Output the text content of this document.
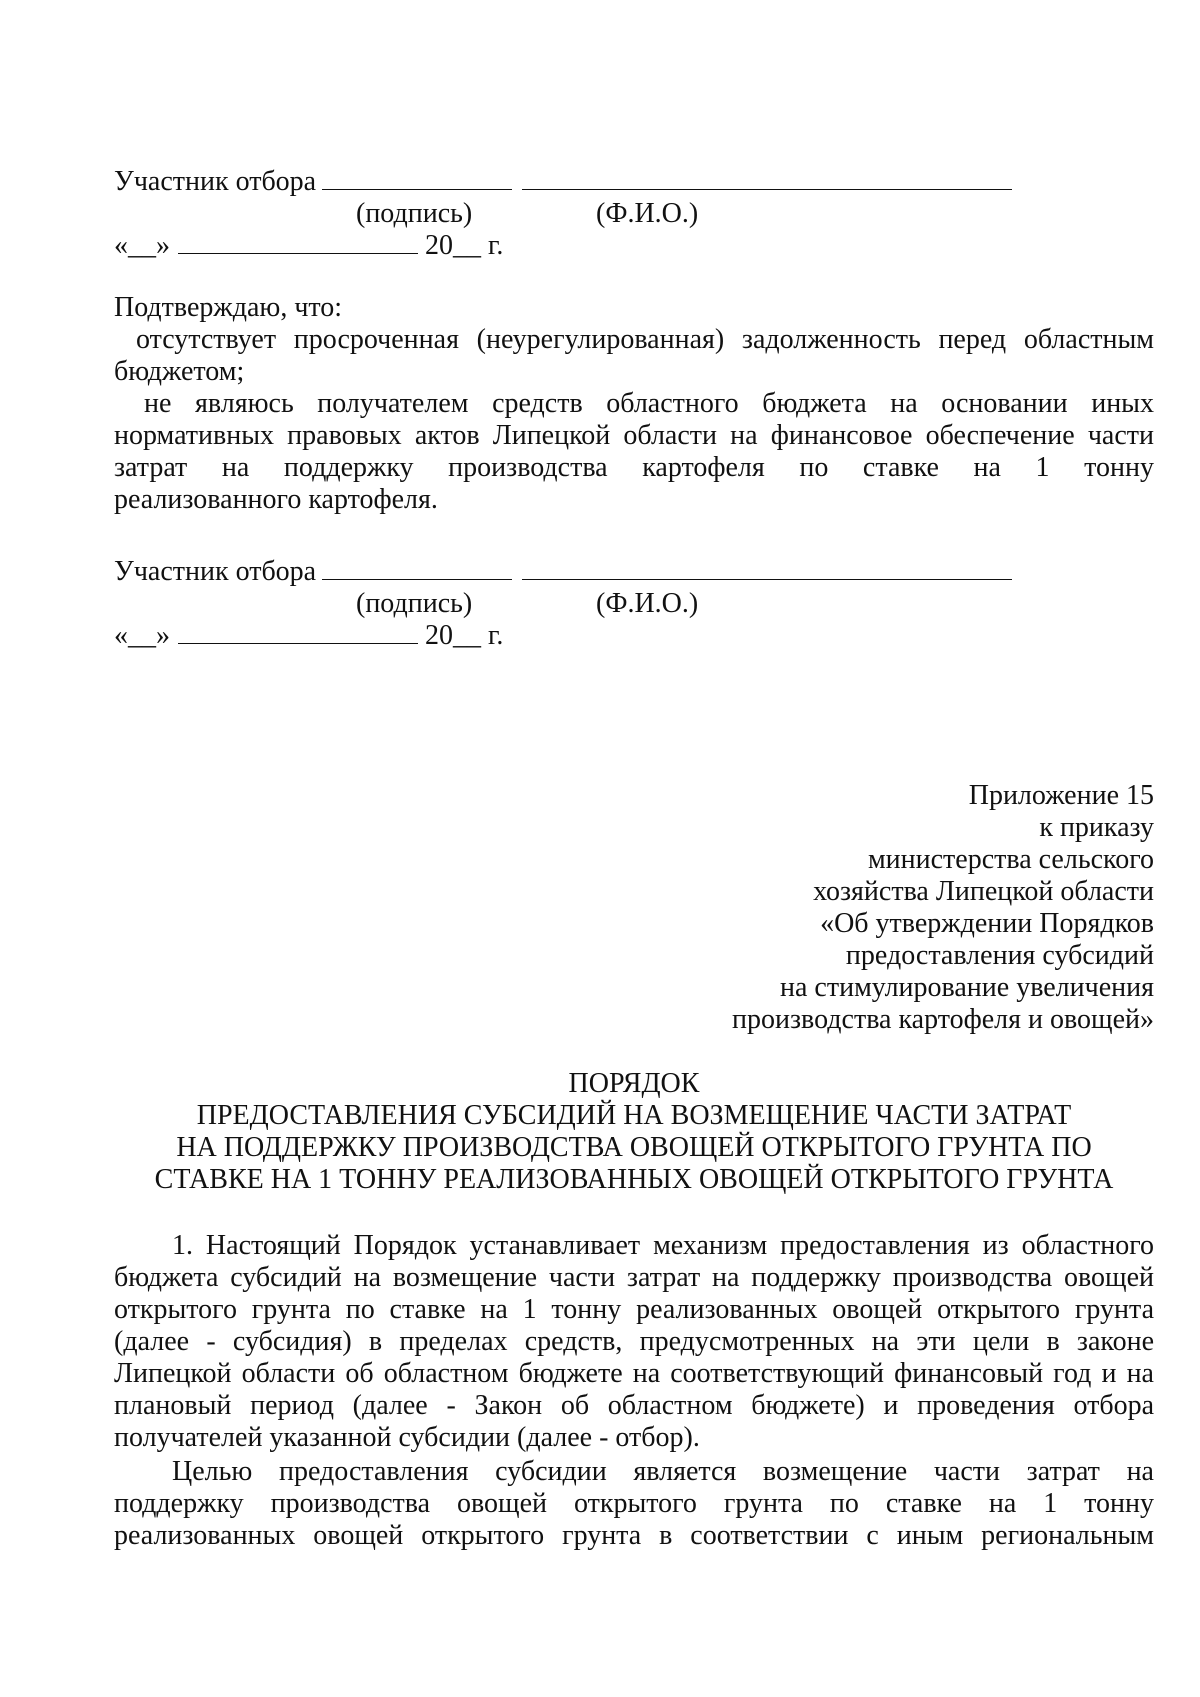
Участник отбора
(подпись)	(Ф.И.О.)
«__»	20__ г.
Подтверждаю, что:
отсутствует просроченная (неурегулированная) задолженность перед областным
бюджетом;
не являюсь получателем средств областного бюджета на основании иных
нормативных правовых актов Липецкой области на финансовое обеспечение части
затрат на поддержку производства картофеля по ставке на 1 тонну
реализованного картофеля.
Участник отбора
(подпись)	(Ф.И.О.)
«__»	20__ г.
Приложение 15
к приказу
министерства сельского
хозяйства Липецкой области
«Об утверждении Порядков
предоставления субсидий
на стимулирование увеличения
производства картофеля и овощей»
ПОРЯДОК
ПРЕДОСТАВЛЕНИЯ СУБСИДИЙ НА ВОЗМЕЩЕНИЕ ЧАСТИ ЗАТРАТ
НА ПОДДЕРЖКУ ПРОИЗВОДСТВА ОВОЩЕЙ ОТКРЫТОГО ГРУНТА ПО
СТАВКЕ НА 1 ТОННУ РЕАЛИЗОВАННЫХ ОВОЩЕЙ ОТКРЫТОГО ГРУНТА
1. Настоящий Порядок устанавливает механизм предоставления из областного
бюджета субсидий на возмещение части затрат на поддержку производства овощей
открытого грунта по ставке на 1 тонну реализованных овощей открытого грунта
(далее - субсидия) в пределах средств, предусмотренных на эти цели в законе
Липецкой области об областном бюджете на соответствующий финансовый год и на
плановый период (далее - Закон об областном бюджете) и проведения отбора
получателей указанной субсидии (далее - отбор).
Целью предоставления субсидии является возмещение части затрат на
поддержку производства овощей открытого грунта по ставке на 1 тонну
реализованных овощей открытого грунта в соответствии с иным региональным
